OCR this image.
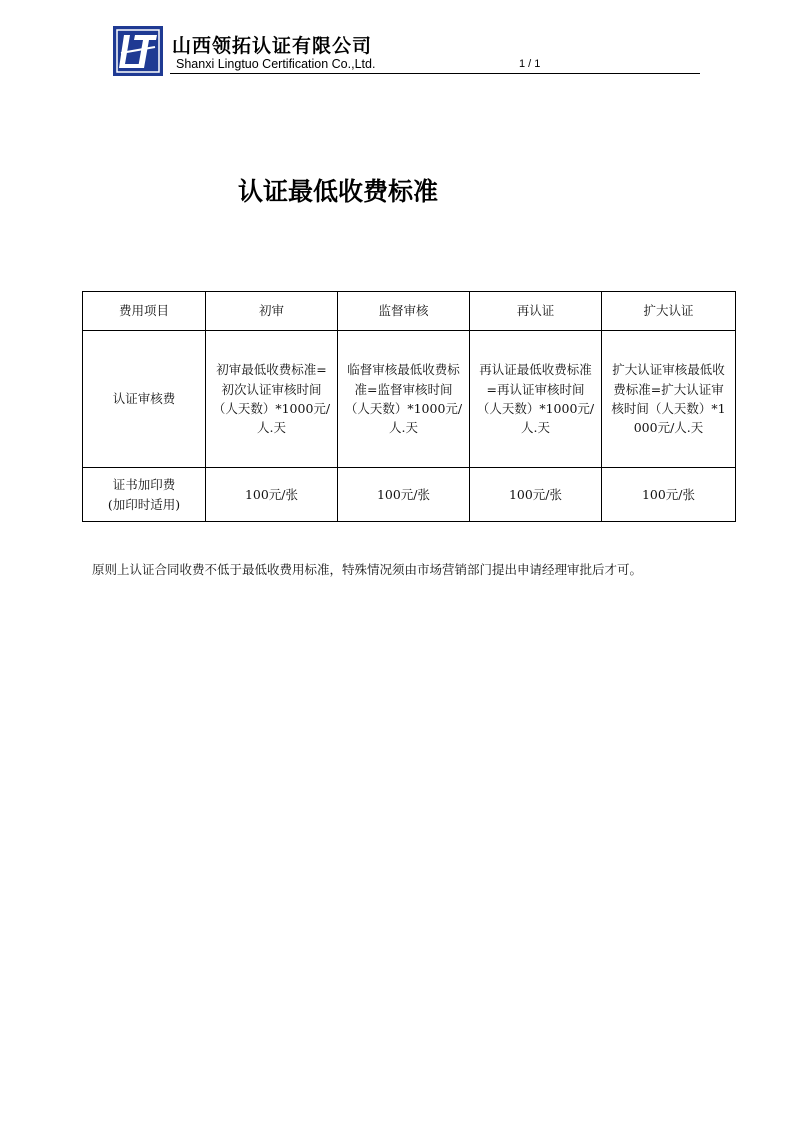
山西领拓认证有限公司
Shanxi Lingtuo Certification Co.,Ltd.	1 / 1
认证最低收费标准
费用项目	初审	监督审核	再认证	扩大认证
认证审核费	初审最低收费标准=初次认证审核时间（人天数）*1000元/人.天	临督审核最低收费标准=监督审核时间（人天数）*1000元/人.天	再认证最低收费标准=再认证审核时间（人天数）*1000元/人.天	扩大认证审核最低收费标准=扩大认证审核时间（人天数）*1000元/人.天

证书加印费
(加印时适用)	100元/张	100元/张	100元/张	100元/张
原则上认证合同收费不低于最低收费用标准，特殊情况须由市场营销部门提出申请经理审批后才可。
